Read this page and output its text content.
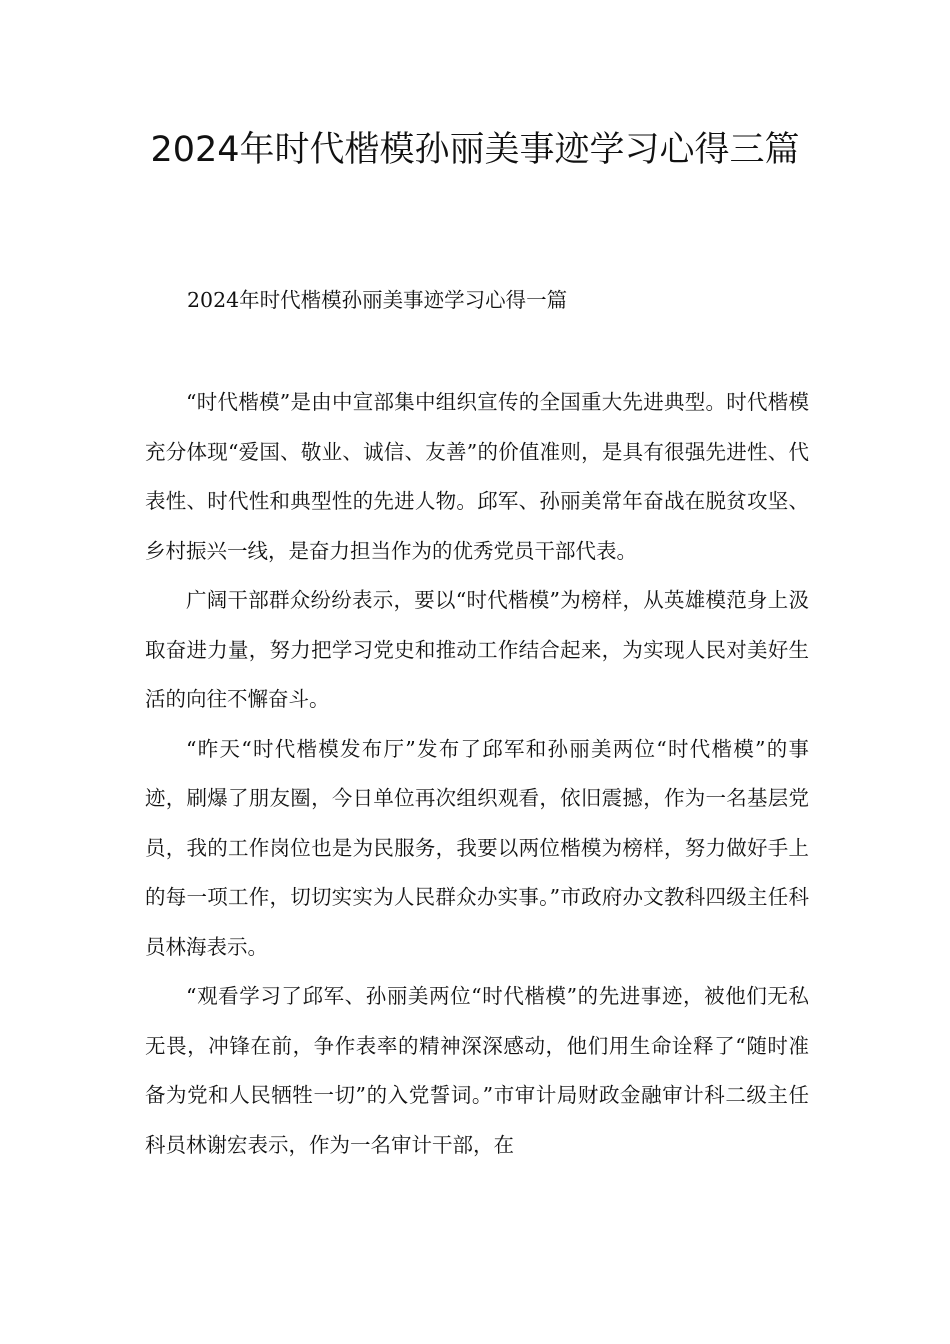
2024年时代楷模孙丽美事迹学习心得三篇

2024年时代楷模孙丽美事迹学习心得一篇

“时代楷模”是由中宣部集中组织宣传的全国重大先进典型。时代楷模充分体现“爱国、敬业、诚信、友善”的价值准则，是具有很强先进性、代表性、时代性和典型性的先进人物。邱军、孙丽美常年奋战在脱贫攻坚、乡村振兴一线，是奋力担当作为的优秀党员干部代表。

广阔干部群众纷纷表示，要以“时代楷模”为榜样，从英雄模范身上汲取奋进力量，努力把学习党史和推动工作结合起来，为实现人民对美好生活的向往不懈奋斗。

“昨天“时代楷模发布厅”发布了邱军和孙丽美两位“时代楷模”的事迹，刷爆了朋友圈，今日单位再次组织观看，依旧震撼，作为一名基层党员，我的工作岗位也是为民服务，我要以两位楷模为榜样，努力做好手上的每一项工作，切切实实为人民群众办实事。”市政府办文教科四级主任科员林海表示。

“观看学习了邱军、孙丽美两位“时代楷模”的先进事迹，被他们无私无畏，冲锋在前，争作表率的精神深深感动，他们用生命诠释了“随时准备为党和人民牺牲一切”的入党誓词。”市审计局财政金融审计科二级主任科员林谢宏表示，作为一名审计干部，在
